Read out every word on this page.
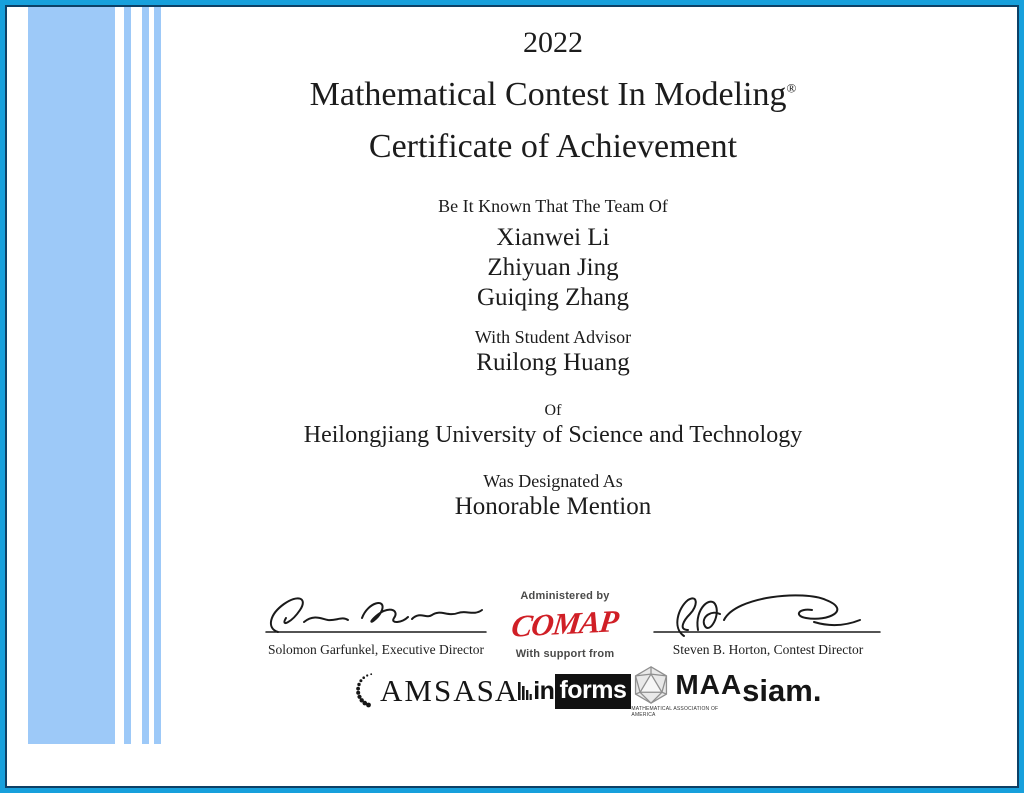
2022
Mathematical Contest In Modeling®
Certificate of Achievement
Be It Known That The Team Of
Xianwei Li
Zhiyuan Jing
Guiqing Zhang
With Student Advisor
Ruilong Huang
Of
Heilongjiang University of Science and Technology
Was Designated As
Honorable Mention
Solomon Garfunkel, Executive Director
Administered by
COMAP
With support from	Steven B. Horton, Contest Director
AMS ASA in forms MAA
MATHEMATICAL ASSOCIATION OF AMERICA
siam.
